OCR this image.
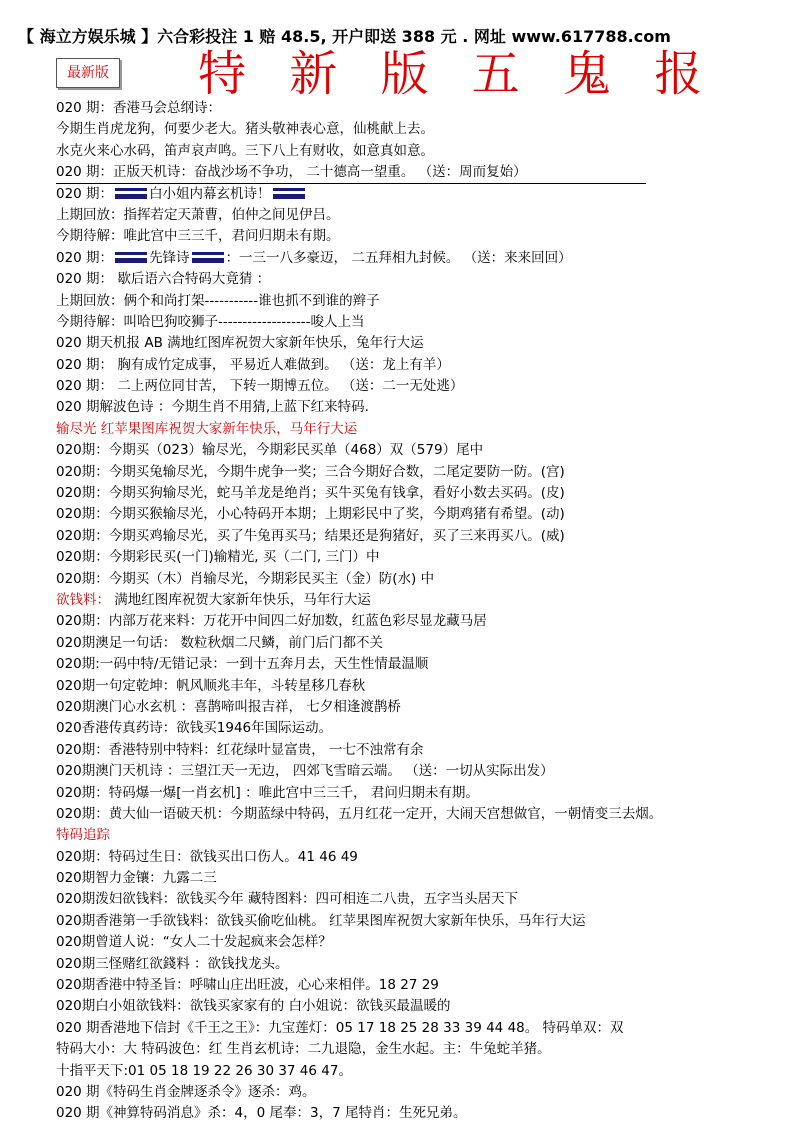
【 海立方娱乐城 】六合彩投注 1 赔 48.5, 开户即送 388 元 . 网址 www.617788.com
最新版 特 新 版 五 鬼 报
020 期：香港马会总纲诗：
今期生肖虎龙狗，何要少老大。猪头敬神表心意，仙桃献上去。
水克火来心水码，笛声哀声鸣。三下八上有财收，如意真如意。
020 期：正版天机诗：奋战沙场不争功， 二十德高一望重。 （送：周而复始）
020 期：	白小姐内幕玄机诗！
上期回放：指挥若定天萧曹，伯仲之间见伊吕。
今期待解：唯此宫中三三千，君问归期未有期。
020 期：	先锋诗	：一三一八多豪迈， 二五拜相九封候。 （送：来来回回）
020 期： 歇后语六合特码大竟猜 ：
上期回放：俩个和尚打架-----------谁也抓不到谁的辫子
今期待解：叫哈巴狗咬狮子-------------------唆人上当
020 期天机报 AB 满地红图库祝贺大家新年快乐，兔年行大运
020 期： 胸有成竹定成事， 平易近人难做到。 （送：龙上有羊）
020 期： 二上两位同甘苦， 下转一期博五位。 （送：二一无处逃）
020 期解波色诗 ：今期生肖不用猜,上蓝下红来特码.
输尽光 红苹果图库祝贺大家新年快乐，马年行大运
020期：今期买（023）输尽光，今期彩民买单（468）双（579）尾中
020期：今期买兔输尽光，今期牛虎争一奖；三合今期好合数，二尾定要防一防。(宫)
020期：今期买狗输尽光，蛇马羊龙是绝肖；买牛买兔有钱拿，看好小数去买码。(皮)
020期：今期买猴输尽光，小心特码开本期；上期彩民中了奖，今期鸡猪有希望。(动)
020期：今期买鸡输尽光，买了牛兔再买马；结果还是狗猪好，买了三来再买八。(威)
020期：今期彩民买(一门)输精光, 买（二门, 三门）中
020期：今期买（木）肖输尽光，今期彩民买主（金）防(水) 中
欲钱料： 满地红图库祝贺大家新年快乐，马年行大运
020期：内部万花来料：万花开中间四二好加数，红蓝色彩尽显龙藏马居
020期澳足一句话： 数粒秋烟二尺鳞，前门后门都不关
020期:一码中特/无错记录：一到十五奔月去，天生性情最温顺
020期一句定乾坤：帆风顺兆丰年，斗转星移几春秋
020期澳门心水玄机 ：喜鹊啼叫报吉祥， 七夕相逢渡鹊桥
020香港传真药诗：欲钱买1946年国际运动。
020期：香港特别中特料：红花绿叶显富贵， 一七不浊常有余
020期澳门天机诗 ：三望江天一无边， 四郊飞雪暗云端。 （送：一切从实际出发）
020期：特码爆一爆[一肖玄机] ：唯此宫中三三千， 君问归期未有期。
020期：黄大仙一语破天机：今期蓝绿中特码，五月红花一定开，大闹天宫想做官，一朝情变三去烟。
特码追踪
020期：特码过生日：欲钱买出口伤人。41 46 49
020期智力金镶：九露二三
020期泼妇欲钱料：欲钱买今年 藏特图料：四可相连二八贵，五字当头居天下
020期香港第一手欲钱料：欲钱买偷吃仙桃。 红苹果图库祝贺大家新年快乐，马年行大运
020期曾道人说：“女人二十发起疯来会怎样？
020期三怪赌红欲錢料 ：欲钱找龙头。
020期香港中特圣旨：呼啸山庄出旺波，心心来相伴。18 27 29
020期白小姐欲钱料：欲钱买家家有的 白小姐说：欲钱买最温暖的
020 期香港地下信封《千王之王》：九宝莲灯：05 17 18 25 28 33 39 44 48。 特码单双：双
特码大小：大 特码波色：红 生肖玄机诗：二九退隐，金生水起。主：牛兔蛇羊猪。
十指平天下:01 05 18 19 22 26 30 37 46 47。
020 期《特码生肖金牌逐杀令》逐杀：鸡。
020 期《神算特码消息》杀：4，0 尾奉：3，7 尾特肖：生死兄弟。
